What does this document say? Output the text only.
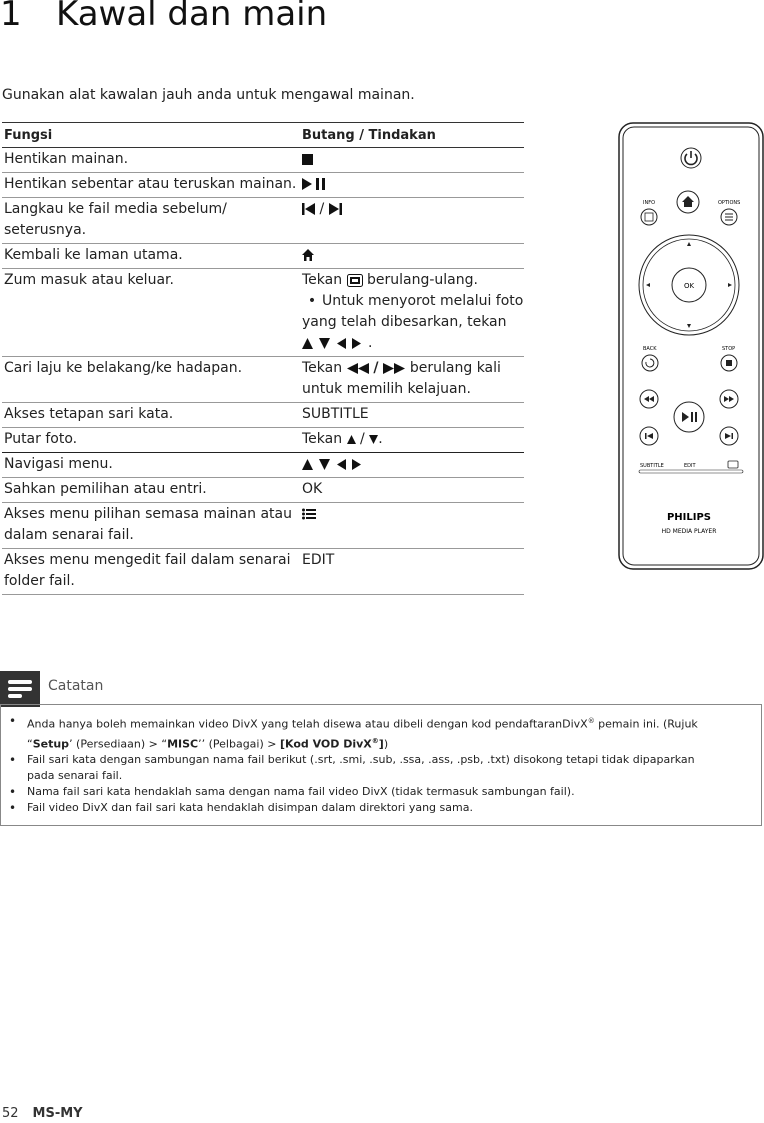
1 Kawal dan main
Gunakan alat kawalan jauh anda untuk mengawal mainan.
Fungsi	Butang / Tindakan
Hentikan mainan.	
Hentikan sebentar atau teruskan mainan.	
Langkau ke fail media sebelum/ seterusnya.	/
Kembali ke laman utama.	
Zum masuk atau keluar.	Tekan  berulang-ulang.
• Untuk menyorot melalui foto yang telah dibesarkan, tekan .

Cari laju ke belakang/ke hadapan.	Tekan  /  berulang kali untuk memilih kelajuan.
Akses tetapan sari kata.	SUBTITLE
Putar foto.	Tekan  / .
Navigasi menu.	
Sahkan pemilihan atau entri.	OK
Akses menu pilihan semasa mainan atau dalam senarai fail.	
Akses menu mengedit fail dalam senarai folder fail.	EDIT
INFO	OPTIONS
OK
BACK	STOP
SUBTITLE	EDIT
PHILIPS
HD MEDIA PLAYER
Catatan
• Anda hanya boleh memainkan video DivX yang telah disewa atau dibeli dengan kod pendaftaranDivX® pemain ini. (Rujuk “Setup’ (Persediaan) > “MISC’’ (Pelbagai) > [Kod VOD DivX®])
• Fail sari kata dengan sambungan nama fail berikut (.srt, .smi, .sub, .ssa, .ass, .psb, .txt) disokong tetapi tidak dipaparkan pada senarai fail.
• Nama fail sari kata hendaklah sama dengan nama fail video DivX (tidak termasuk sambungan fail).
• Fail video DivX dan fail sari kata hendaklah disimpan dalam direktori yang sama.
52 MS-MY
